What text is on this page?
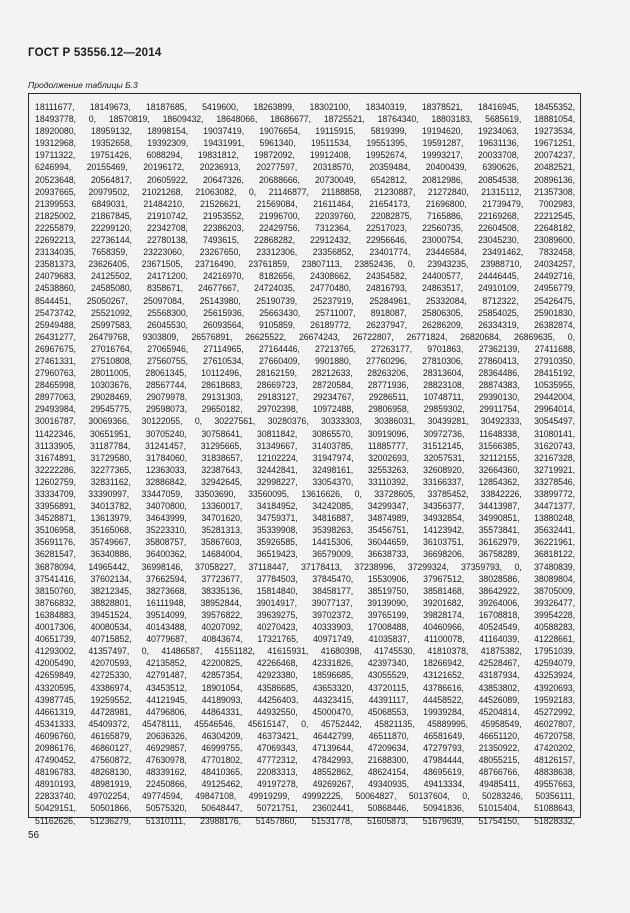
ГОСТ Р 53556.12—2014
Продолжение таблицы Б.3
18111677, 18149673, 18187685, 5419600, 18263899, 18302100, 18340319, 18378521, 18416945, 18455352,
18493778, 0, 18570819, 18609432, 18648066, 18686677, 18725521, 18764340, 18803183, 5685619, 18881054,
18920080, 18959132, 18998154, 19037419, 19076654, 19115915, 5819399, 19194620, 19234063, 19273534,
19312968, 19352658, 19392309, 19431991, 5961340, 19511534, 19551395, 19591287, 19631136, 19671251,
19711322, 19751426, 6088294, 19831812, 19872092, 19912408, 19952674, 19993217, 20033708, 20074237,
6246994, 20155469, 20196172, 20236913, 20277597, 20318570, 20359484, 20400439, 6390626, 20482521,
20523648, 20564817, 20605922, 20647326, 20688666, 20730049, 6542812, 20812986, 20854538, 20896136,
20937665, 20979502, 21021268, 21063082, 0, 21146877, 21188858, 21230887, 21272840, 21315112, 21357308,
21399553, 6849031, 21484210, 21526621, 21569084, 21611464, 21654173, 21696800, 21739479, 7002983,
21825002, 21867845, 21910742, 21953552, 21996700, 22039760, 22082875, 7165886, 22169268, 22212545,
22255879, 22299120, 22342708, 22386203, 22429756, 7312364, 22517023, 22560735, 22604508, 22648182,
22692213, 22736144, 22780138, 7493615, 22868282, 22912432, 22956646, 23000754, 23045230, 23089600,
23134035, 7658359, 23223060, 23267650, 23312306, 23356852, 23401774, 23446584, 23491462, 7832458,
23581373, 23626405, 23671505, 23716490, 23761859, 23807113, 23852436, 0, 23943235, 23988710, 24034257,
24079683, 24125502, 24171200, 24216970, 8182656, 24308662, 24354582, 24400577, 24446445, 24492716,
24538860, 24585080, 8358671, 24677667, 24724035, 24770480, 24816793, 24863517, 24910109, 24956779,
8544451, 25050267, 25097084, 25143980, 25190739, 25237919, 25284961, 25332084, 8712322, 25426475,
25473742, 25521092, 25568300, 25615936, 25663430, 25711007, 8918087, 25806305, 25854025, 25901830,
25949488, 25997583, 26045530, 26093564, 9105859, 26189772, 26237947, 26286209, 26334319, 26382874,
26431277, 26479768, 9303809, 26576891, 26625522, 26674243, 26722807, 26771824, 26820684, 26869635, 0,
26967675, 27016764, 27065946, 27114965, 27164446, 27213765, 27263177, 9701863, 27362139, 27411688,
27461331, 27510808, 27560755, 27610534, 27660409, 9901880, 27760296, 27810306, 27860413, 27910350,
27960763, 28011005, 28061345, 10112496, 28162159, 28212633, 28263206, 28313604, 28364486, 28415192,
28465998, 10303676, 28567744, 28618683, 28669723, 28720584, 28771936, 28823108, 28874383, 10535955,
28977063, 29028469, 29079978, 29131303, 29183127, 29234767, 29286511, 10748711, 29390130, 29442004,
29493984, 29545775, 29598073, 29650182, 29702398, 10972488, 29806958, 29859302, 29911754, 29964014,
30016787, 30069366, 30122055, 0, 30227561, 30280376, 30333303, 30386031, 30439281, 30492333, 30545497,
11422346, 30651951, 30705240, 30758641, 30811842, 30865570, 30919096, 30972736, 11648338, 31080141,
31133905, 31187784, 31241457, 31295665, 31349667, 31403785, 11885777, 31512145, 31566385, 31620743,
31674891, 31729580, 31784060, 31838657, 12102224, 31947974, 32002693, 32057531, 32112155, 32167328,
32222286, 32277365, 12363033, 32387643, 32442841, 32498161, 32553263, 32608920, 32664360, 32719921,
12602759, 32831162, 32886842, 32942645, 32998227, 33054370, 33110392, 33166337, 12854362, 33278546,
33334709, 33390997, 33447059, 33503690, 33560095, 13616626, 0, 33728605, 33785452, 33842226, 33899772,
33956891, 34013782, 34070800, 13360017, 34184952, 34242085, 34299347, 34356377, 34413987, 34471377,
34528871, 13613979, 34643999, 34701620, 34759371, 34816887, 34874989, 34932854, 34990851, 13880248,
35106958, 35165068, 35223310, 35281313, 35339908, 35398263, 35456751, 14123942, 35573841, 35632441,
35691176, 35749667, 35808757, 35867603, 35926585, 14415306, 36044659, 36103751, 36162979, 36221961,
36281547, 36340886, 36400362, 14684004, 36519423, 36579009, 36638733, 36698206, 36758289, 36818122,
36878094, 14965442, 36998146, 37058227, 37118447, 37178413, 37238996, 37299324, 37359793, 0, 37480839,
37541416, 37602134, 37662594, 37723677, 37784503, 37845470, 15530906, 37967512, 38028586, 38089804,
38150760, 38212345, 38273668, 38335136, 15814840, 38458177, 38519750, 38581468, 38642922, 38705009,
38766832, 38828801, 16111948, 38952844, 39014917, 39077137, 39139090, 39201682, 39264006, 39326477,
16384883, 39451524, 39514099, 39576822, 39639275, 39702372, 39765199, 39828174, 16708818, 39954228,
40017306, 40080534, 40143488, 40207092, 40270423, 40333903, 17008488, 40460966, 40524549, 40588283,
40651739, 40715852, 40779687, 40843674, 17321765, 40971749, 41035837, 41100078, 41164039, 41228661,
41293002, 41357497, 0, 41486587, 41551182, 41615931, 41680398, 41745530, 41810378, 41875382, 17951039,
42005490, 42070593, 42135852, 42200825, 42266468, 42331826, 42397340, 18266942, 42528467, 42594079,
42659849, 42725330, 42791487, 42857354, 42923380, 18596685, 43055529, 43121652, 43187934, 43253924,
43320595, 43386974, 43453512, 18901054, 43586685, 43653320, 43720115, 43786616, 43853802, 43920693,
43987745, 19259552, 44121945, 44189093, 44256403, 44323415, 44391117, 44458522, 44526089, 19592183,
44661319, 44728981, 44796806, 44864331, 44932550, 45000470, 45068553, 19939284, 45204814, 45272992,
45341333, 45409372, 45478111, 45546546, 45615147, 0, 45752442, 45821135, 45889995, 45958549, 46027807,
46096760, 46165879, 20636326, 46304209, 46373421, 46442799, 46511870, 46581649, 46651120, 46720758,
20986176, 46860127, 46929857, 46999755, 47069343, 47139644, 47209634, 47279793, 21350922, 47420202,
47490452, 47560872, 47630978, 47701802, 47772312, 47842993, 21688300, 47984444, 48055215, 48126157,
48196783, 48268130, 48339162, 48410365, 22083313, 48552862, 48624154, 48695619, 48766766, 48838638,
48910193, 48981919, 22450866, 49125462, 49197278, 49269267, 49340935, 49413334, 49485411, 49557663,
22833740, 49702254, 49774594, 49847108, 49919299, 49992225, 50064827, 50137604, 0, 50283246, 50356111,
50429151, 50501866, 50575320, 50648447, 50721751, 23602441, 50868446, 50941836, 51015404, 51088643,
51162626, 51236279, 51310111, 23988176, 51457860, 51531778, 51605873, 51679639, 51754150, 51828332,
56
